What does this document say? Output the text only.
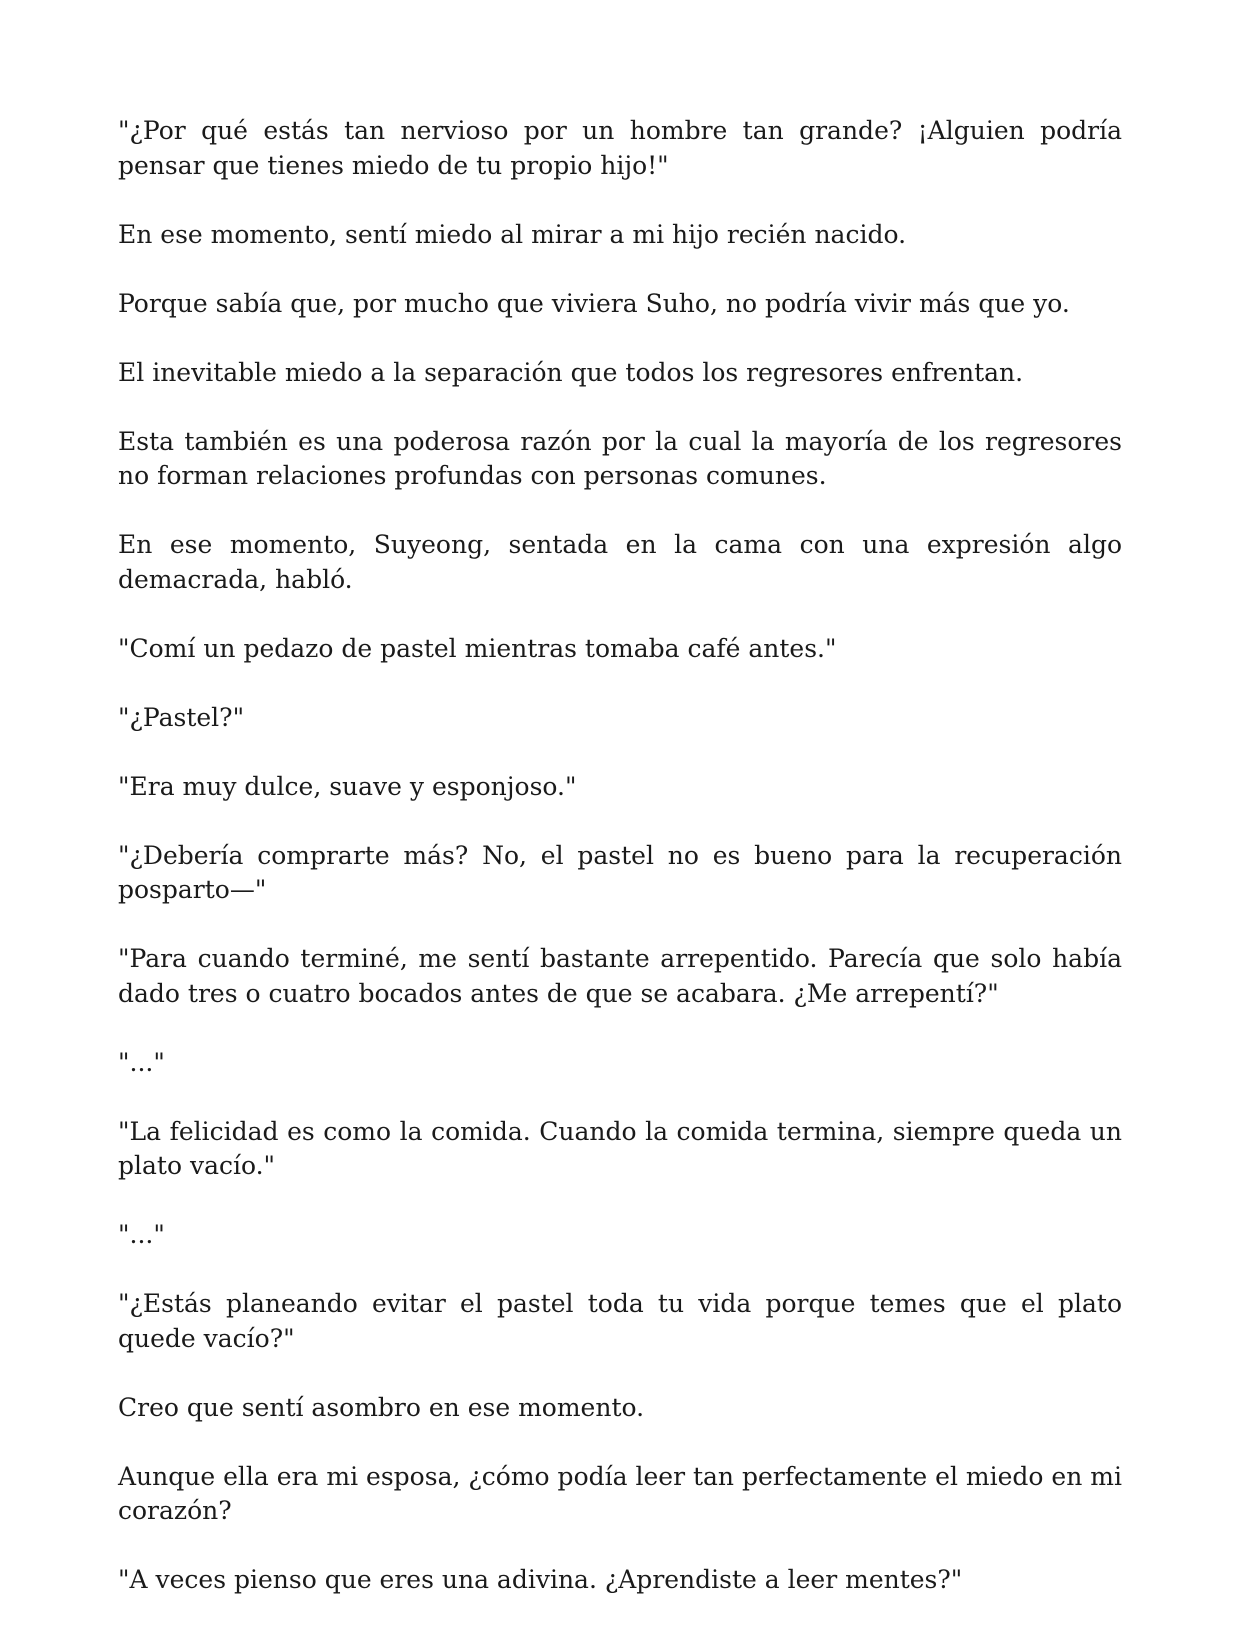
"¿Por qué estás tan nervioso por un hombre tan grande? ¡Alguien podría pensar que tienes miedo de tu propio hijo!"

En ese momento, sentí miedo al mirar a mi hijo recién nacido.

Porque sabía que, por mucho que viviera Suho, no podría vivir más que yo.

El inevitable miedo a la separación que todos los regresores enfrentan.

Esta también es una poderosa razón por la cual la mayoría de los regresores no forman relaciones profundas con personas comunes.

En ese momento, Suyeong, sentada en la cama con una expresión algo demacrada, habló.

"Comí un pedazo de pastel mientras tomaba café antes."

"¿Pastel?"

"Era muy dulce, suave y esponjoso."

"¿Debería comprarte más? No, el pastel no es bueno para la recuperación posparto—"

"Para cuando terminé, me sentí bastante arrepentido. Parecía que solo había dado tres o cuatro bocados antes de que se acabara. ¿Me arrepentí?"

"..."

"La felicidad es como la comida. Cuando la comida termina, siempre queda un plato vacío."

"..."

"¿Estás planeando evitar el pastel toda tu vida porque temes que el plato quede vacío?"

Creo que sentí asombro en ese momento.

Aunque ella era mi esposa, ¿cómo podía leer tan perfectamente el miedo en mi corazón?

"A veces pienso que eres una adivina. ¿Aprendiste a leer mentes?"
